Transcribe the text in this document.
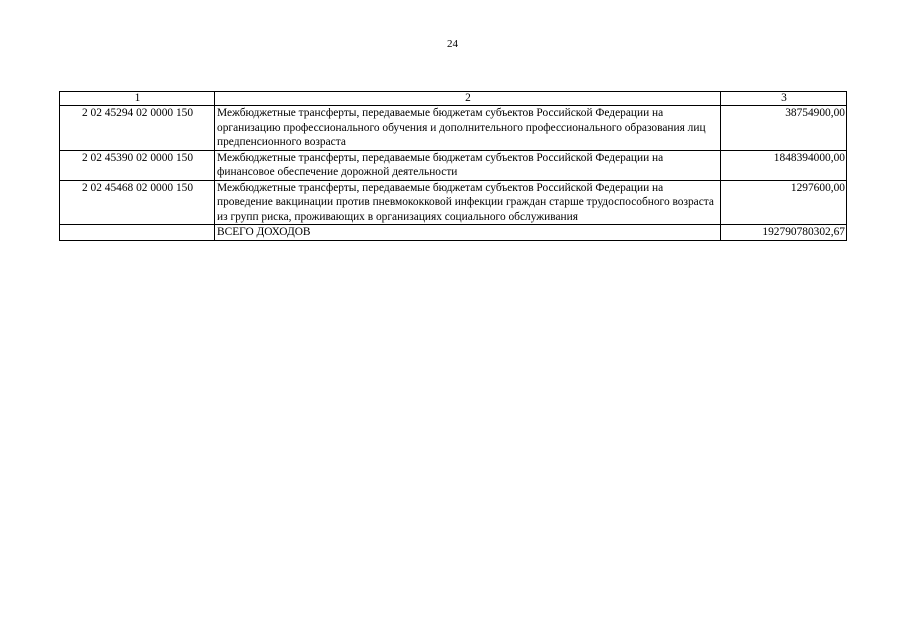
24
1	2	3
2 02 45294 02 0000 150	Межбюджетные трансферты, передаваемые бюджетам субъектов Российской Федерации на организацию профессионального обучения и дополнительного профессионального образования лиц предпенсионного возраста	38754900,00
2 02 45390 02 0000 150	Межбюджетные трансферты, передаваемые бюджетам субъектов Российской Федерации на финансовое обеспечение дорожной деятельности	1848394000,00
2 02 45468 02 0000 150	Межбюджетные трансферты, передаваемые бюджетам субъектов Российской Федерации на проведение вакцинации против пневмококковой инфекции граждан старше трудоспособного возраста из групп риска, проживающих в организациях социального обслуживания	1297600,00
	ВСЕГО ДОХОДОВ	192790780302,67
